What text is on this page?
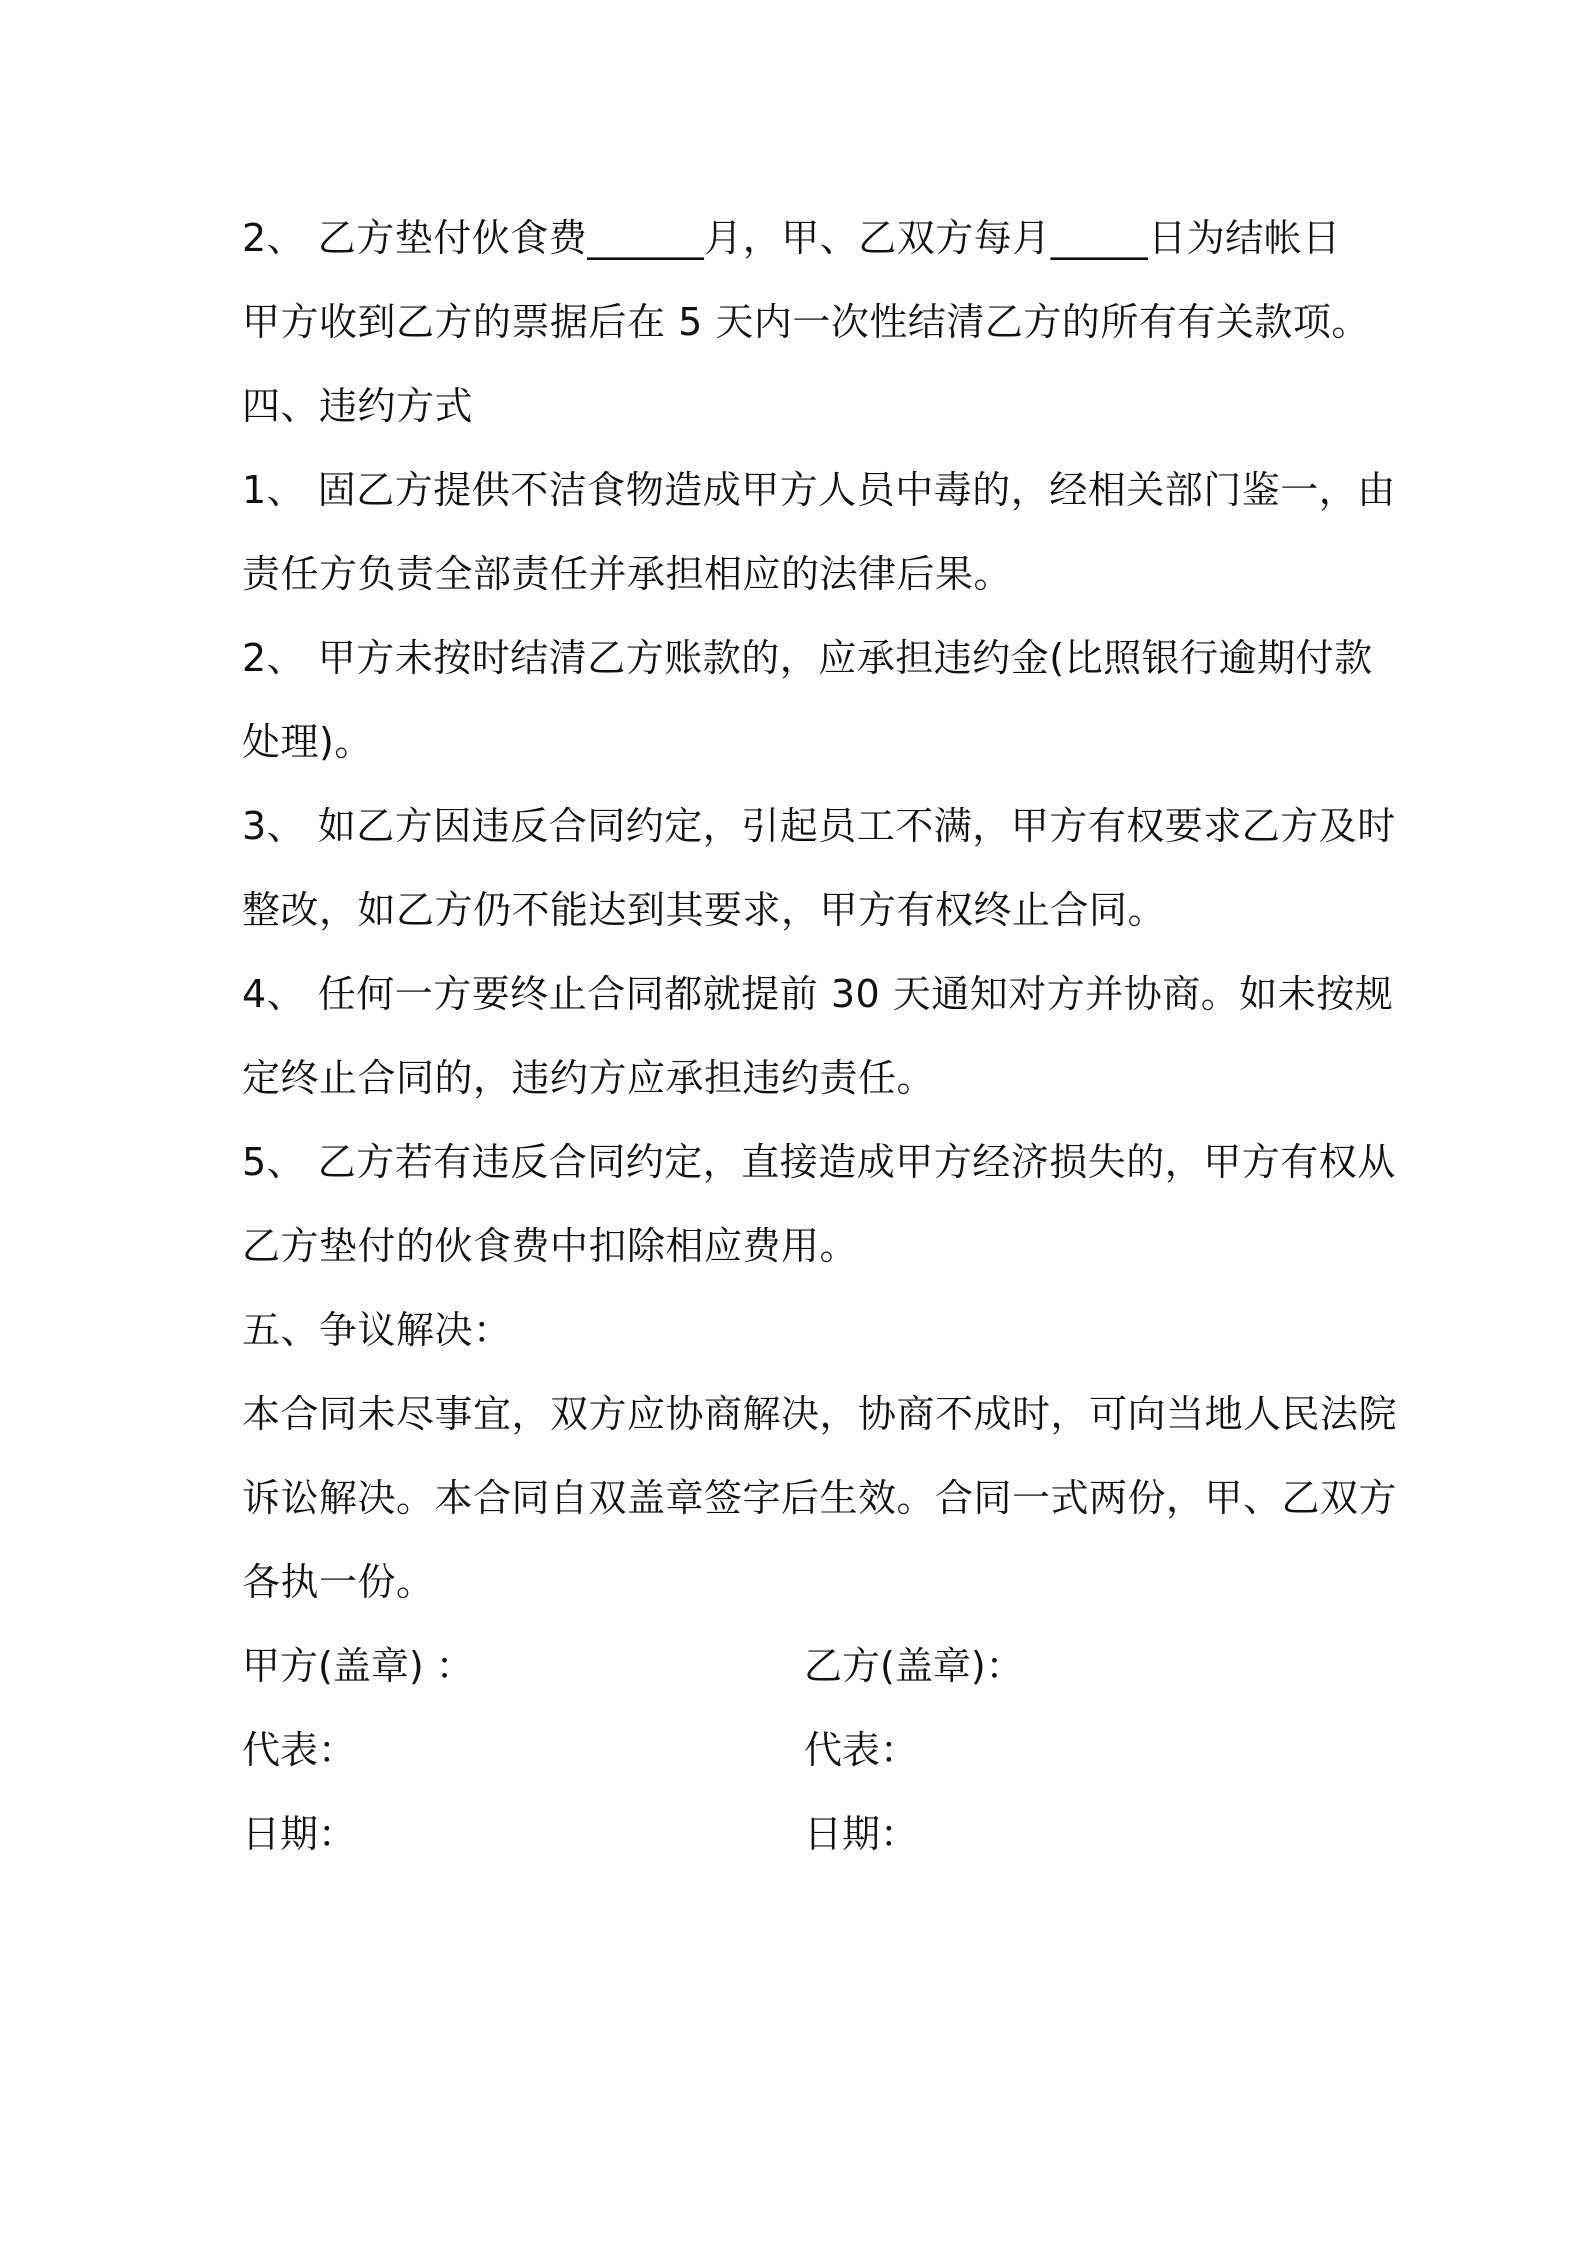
2、 乙方垫付伙食费______月，甲、乙双方每月_____日为结帐日
甲方收到乙方的票据后在 5 天内一次性结清乙方的所有有关款项。
四、违约方式
1、 固乙方提供不洁食物造成甲方人员中毒的，经相关部门鉴一，由
责任方负责全部责任并承担相应的法律后果。
2、 甲方未按时结清乙方账款的，应承担违约金(比照银行逾期付款
处理)。
3、 如乙方因违反合同约定，引起员工不满，甲方有权要求乙方及时
整改，如乙方仍不能达到其要求，甲方有权终止合同。
4、 任何一方要终止合同都就提前 30 天通知对方并协商。如未按规
定终止合同的，违约方应承担违约责任。
5、 乙方若有违反合同约定，直接造成甲方经济损失的，甲方有权从
乙方垫付的伙食费中扣除相应费用。
五、争议解决：
本合同未尽事宜，双方应协商解决，协商不成时，可向当地人民法院
诉讼解决。本合同自双盖章签字后生效。合同一式两份，甲、乙双方
各执一份。
甲方(盖章) ：	乙方(盖章)：
代表：	代表：
日期：	日期：
